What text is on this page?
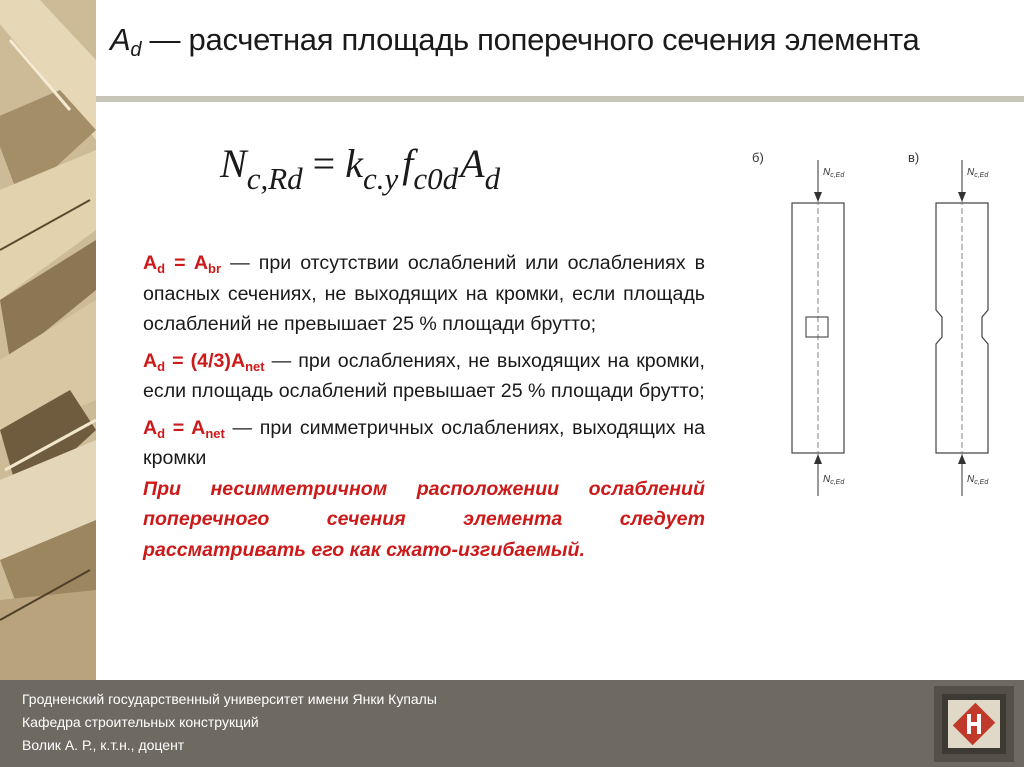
$A_d$ — расчетная площадь поперечного сечения элемента
$N_{c,Rd} = k_{c.y}$ $f_{c0d}A_d$

$A_d = A_{br}$ — при отсутствии ослаблений или ослаблениях в опасных сечениях, не выходящих на кромки, если площадь ослаблений не превышает 25 % площади брутто;

$A_d = (4/3)A_{net}$ — при ослаблениях, не выходящих на кромки, если площадь ослаблений превышает 25 % площади брутто;

$A_d = A_{net}$ — при симметричных ослаблениях, выходящих на кромки

При несимметричном расположении ослаблений поперечного сечения элемента следует рассматривать его как сжато-изгибаемый.

б)	в)
$N_{c,Ed}$
$N_{c,Ed}$
$N_{c,Ed}$
$N_{c,Ed}$
Гродненский государственный университет имени Янки Купалы
Кафедра строительных конструкций
Волик А. Р., к.т.н., доцент
